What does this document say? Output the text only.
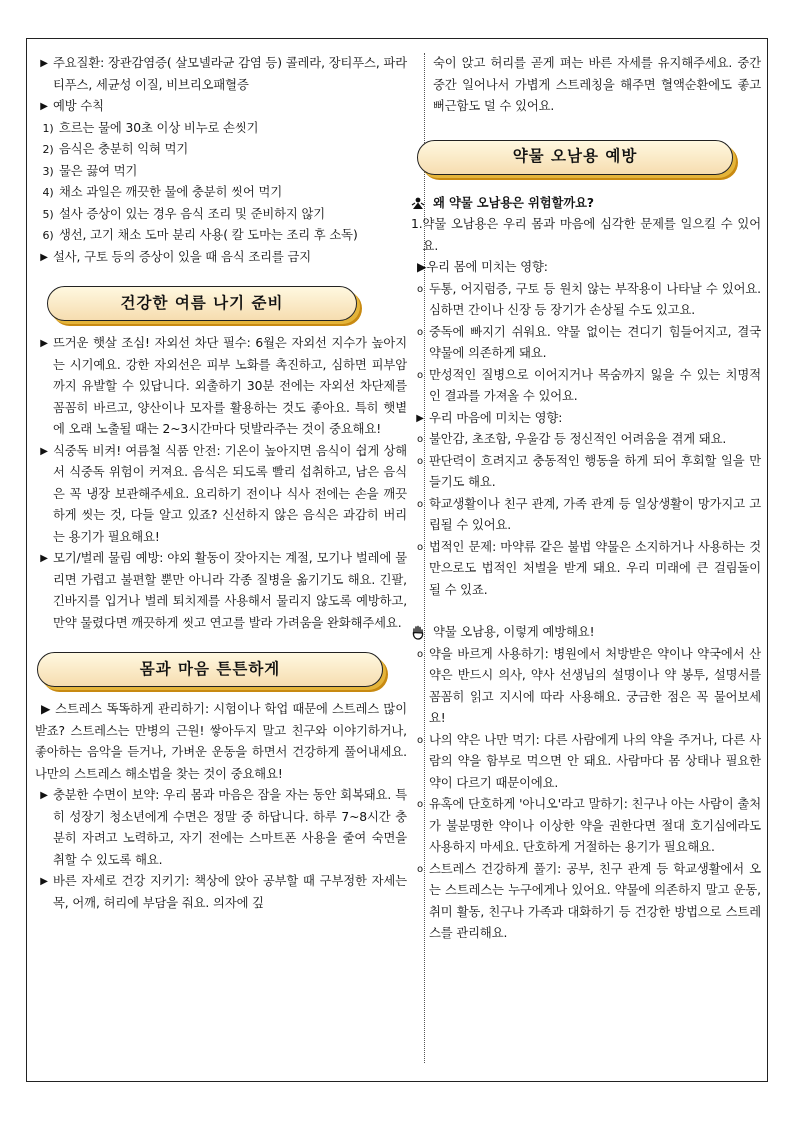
▶ 주요질환: 장관감염증( 살모넬라균 감염 등) 콜레라, 장티푸스, 파라티푸스, 세균성 이질, 비브리오패혈증
▶ 예방 수칙
1) 흐르는 물에 30초 이상 비누로 손씻기
2) 음식은 충분히 익혀 먹기
3) 물은 끓여 먹기
4) 채소 과일은 깨끗한 물에 충분히 씻어 먹기
5) 설사 증상이 있는 경우 음식 조리 및 준비하지 않기
6) 생선, 고기 채소 도마 분리 사용( 칼 도마는 조리 후 소독)
▶ 설사, 구토 등의 증상이 있을 때 음식 조리를 금지
건강한 여름 나기 준비
▶ 뜨거운 햇살 조심! 자외선 차단 필수: 6월은 자외선 지수가 높아지는 시기예요. 강한 자외선은 피부 노화를 촉진하고, 심하면 피부암까지 유발할 수 있답니다. 외출하기 30분 전에는 자외선 차단제를 꼼꼼히 바르고, 양산이나 모자를 활용하는 것도 좋아요. 특히 햇볕에 오래 노출될 때는 2~3시간마다 덧발라주는 것이 중요해요!
▶ 식중독 비켜! 여름철 식품 안전: 기온이 높아지면 음식이 쉽게 상해서 식중독 위험이 커져요. 음식은 되도록 빨리 섭취하고, 남은 음식은 꼭 냉장 보관해주세요. 요리하기 전이나 식사 전에는 손을 깨끗하게 씻는 것, 다들 알고 있죠? 신선하지 않은 음식은 과감히 버리는 용기가 필요해요!
▶ 모기/벌레 물림 예방: 야외 활동이 잦아지는 계절, 모기나 벌레에 물리면 가렵고 불편할 뿐만 아니라 각종 질병을 옮기기도 해요. 긴팔, 긴바지를 입거나 벌레 퇴치제를 사용해서 물리지 않도록 예방하고, 만약 물렸다면 깨끗하게 씻고 연고를 발라 가려움을 완화해주세요.
몸과 마음 튼튼하게

▶ 스트레스 똑똑하게 관리하기: 시험이나 학업 때문에 스트레스 많이 받죠? 스트레스는 만병의 근원! 쌓아두지 말고 친구와 이야기하거나, 좋아하는 음악을 듣거나, 가벼운 운동을 하면서 건강하게 풀어내세요. 나만의 스트레스 해소법을 찾는 것이 중요해요!

▶ 충분한 수면이 보약: 우리 몸과 마음은 잠을 자는 동안 회복돼요. 특히 성장기 청소년에게 수면은 정말 중 하답니다. 하루 7~8시간 충분히 자려고 노력하고, 자기 전에는 스마트폰 사용을 줄여 숙면을 취할 수 있도록 해요.
▶ 바른 자세로 건강 지키기: 책상에 앉아 공부할 때 구부정한 자세는 목, 어깨, 허리에 부담을 줘요. 의자에 깊

숙이 앉고 허리를 곧게 펴는 바른 자세를 유지해주세요. 중간중간 일어나서 가볍게 스트레칭을 해주면 혈액순환에도 좋고 뻐근함도 덜 수 있어요.

약물 오남용 예방
왜 약물 오남용은 위험할까요?
1. 약물 오남용은 우리 몸과 마음에 심각한 문제를 일으킬 수 있어요.
▶우리 몸에 미치는 영향:
o 두통, 어지럼증, 구토 등 원치 않는 부작용이 나타날 수 있어요. 심하면 간이나 신장 등 장기가 손상될 수도 있고요.
o 중독에 빠지기 쉬워요. 약물 없이는 견디기 힘들어지고, 결국 약물에 의존하게 돼요.
o 만성적인 질병으로 이어지거나 목숨까지 잃을 수 있는 치명적인 결과를 가져올 수 있어요.
▶ 우리 마음에 미치는 영향:
o 불안감, 초조함, 우울감 등 정신적인 어려움을 겪게 돼요.
o 판단력이 흐려지고 충동적인 행동을 하게 되어 후회할 일을 만들기도 해요.
o 학교생활이나 친구 관계, 가족 관계 등 일상생활이 망가지고 고립될 수 있어요.
o 법적인 문제: 마약류 같은 불법 약물은 소지하거나 사용하는 것만으로도 법적인 처벌을 받게 돼요. 우리 미래에 큰 걸림돌이 될 수 있죠.
약물 오남용, 이렇게 예방해요!
o 약을 바르게 사용하기: 병원에서 처방받은 약이나 약국에서 산 약은 반드시 의사, 약사 선생님의 설명이나 약 봉투, 설명서를 꼼꼼히 읽고 지시에 따라 사용해요. 궁금한 점은 꼭 물어보세요!
o 나의 약은 나만 먹기: 다른 사람에게 나의 약을 주거나, 다른 사람의 약을 함부로 먹으면 안 돼요. 사람마다 몸 상태나 필요한 약이 다르기 때문이에요.
o 유혹에 단호하게 '아니오'라고 말하기: 친구나 아는 사람이 출처가 불분명한 약이나 이상한 약을 권한다면 절대 호기심에라도 사용하지 마세요. 단호하게 거절하는 용기가 필요해요.
o 스트레스 건강하게 풀기: 공부, 친구 관계 등 학교생활에서 오는 스트레스는 누구에게나 있어요. 약물에 의존하지 말고 운동, 취미 활동, 친구나 가족과 대화하기 등 건강한 방법으로 스트레스를 관리해요.
